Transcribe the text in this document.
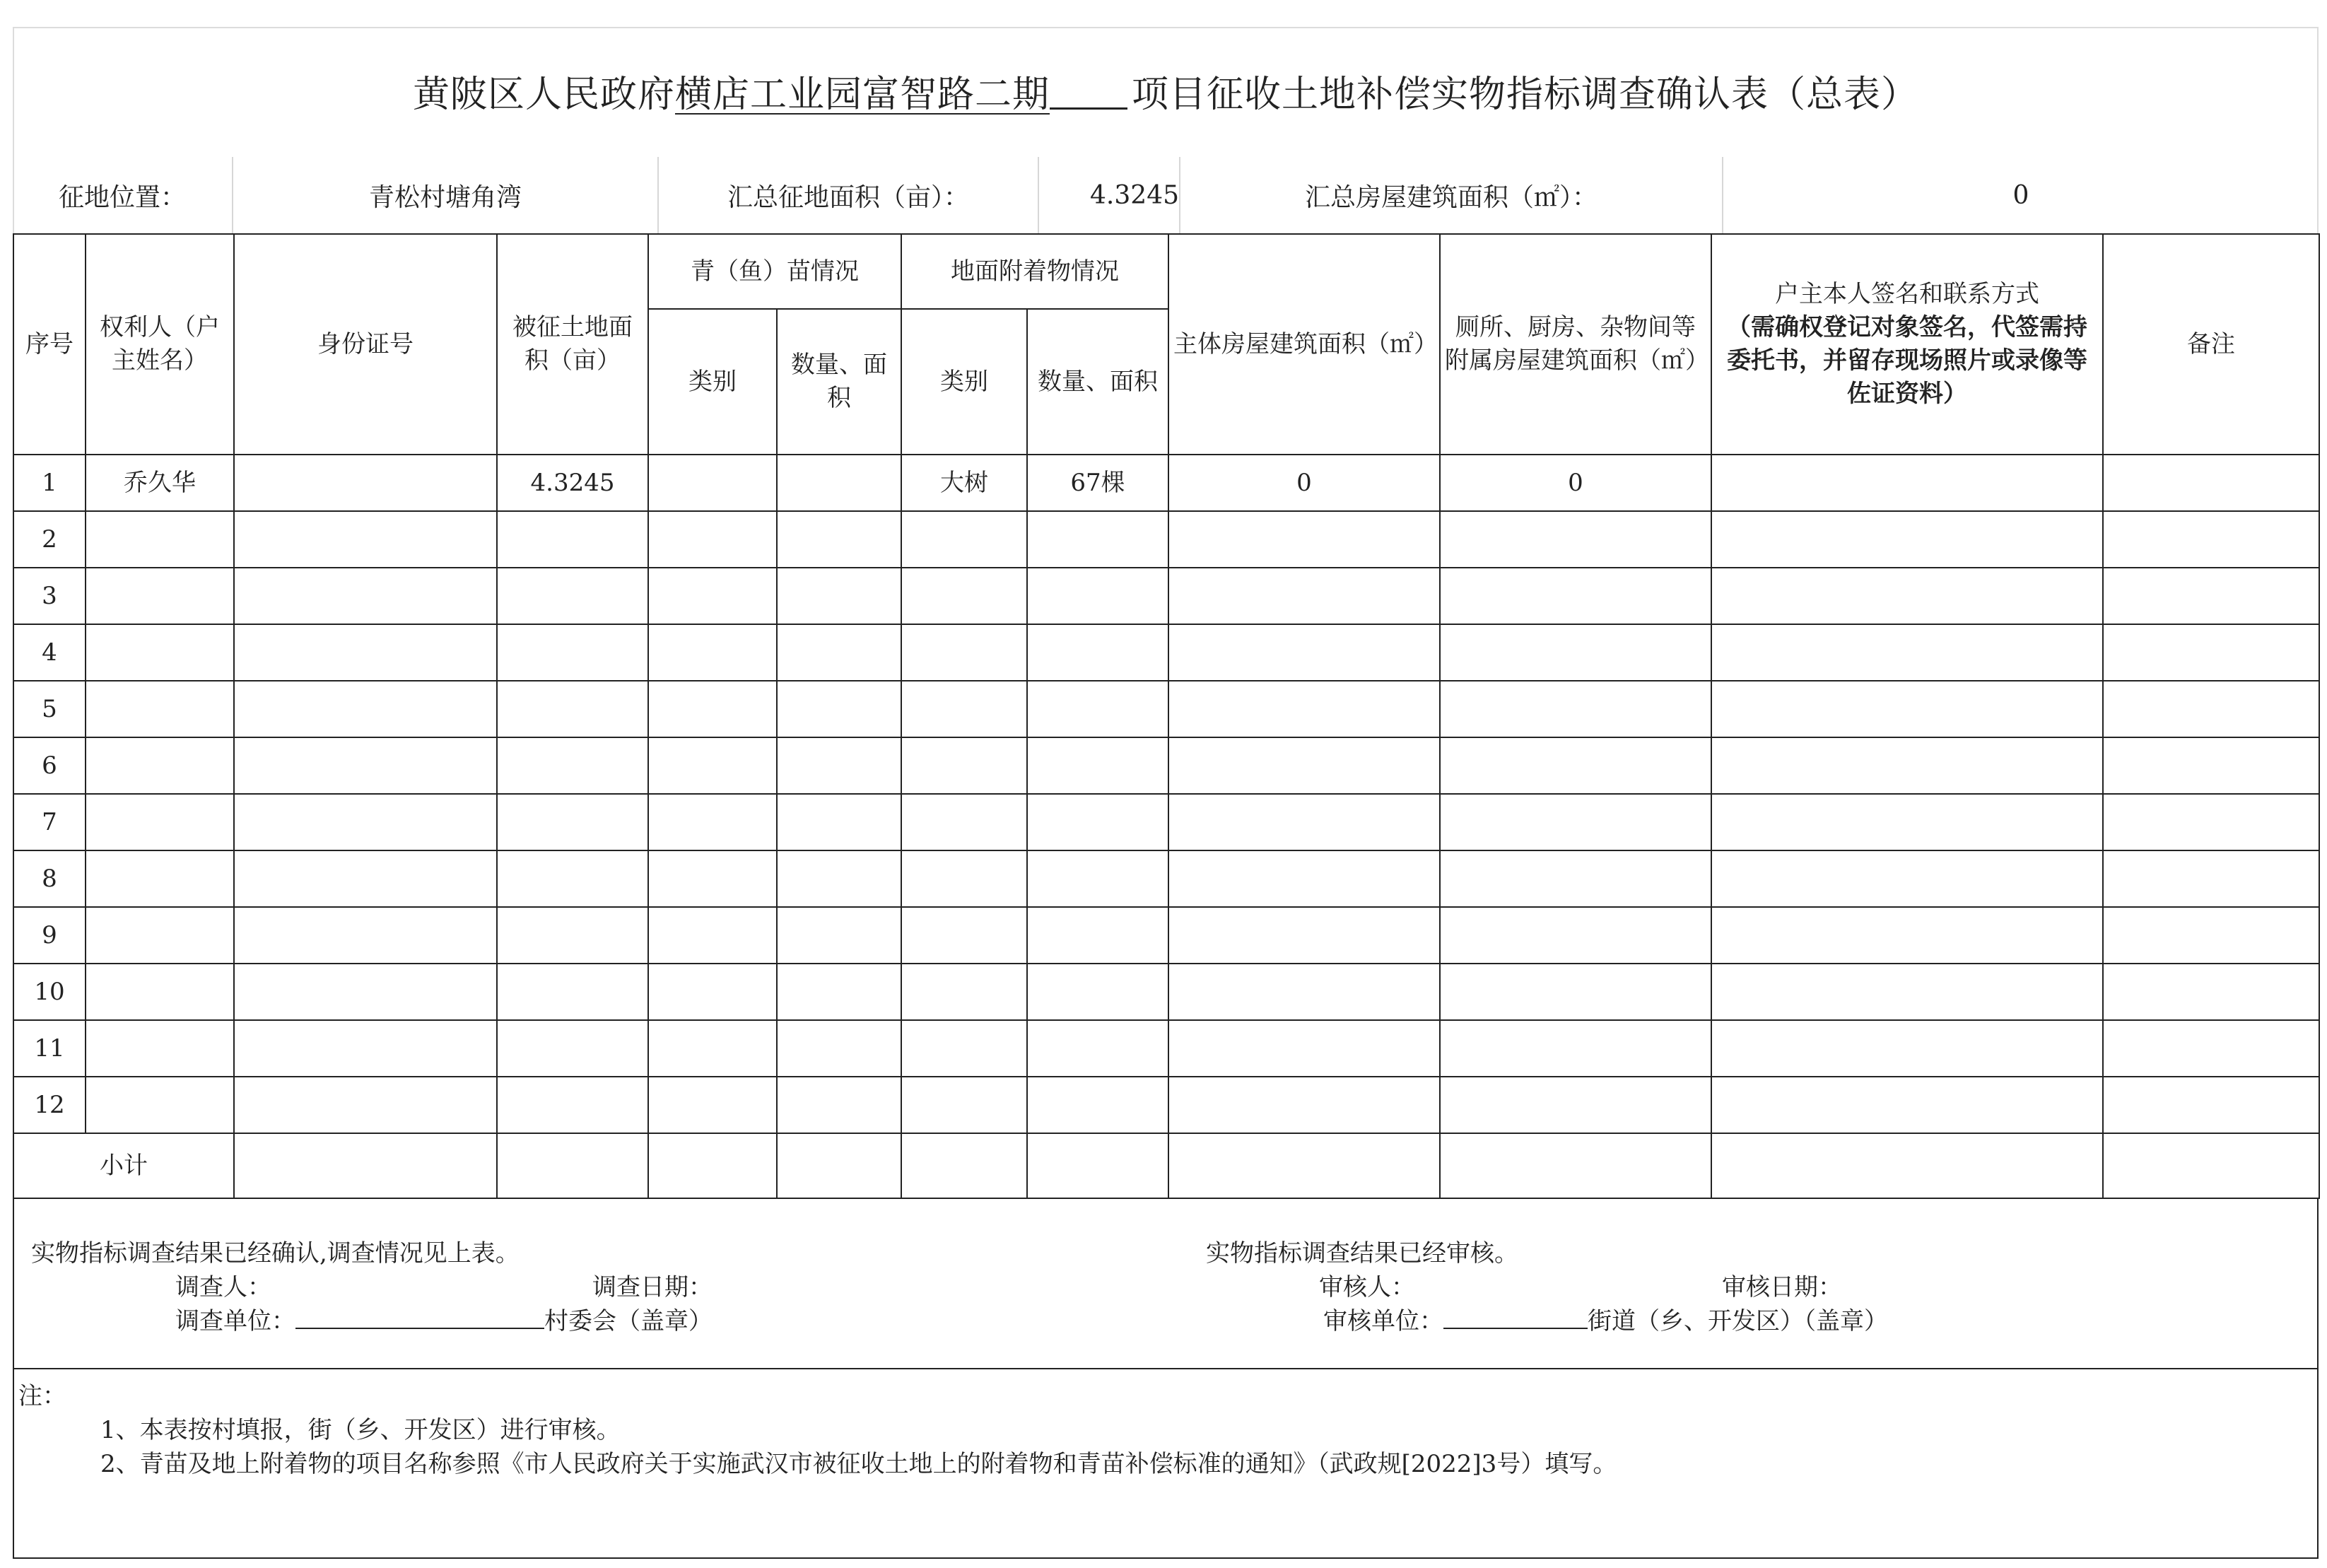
黄陂区人民政府 横店工业园富智路二期 项目征收土地补偿实物指标调查确认表（总表）
征地位置：	青松村塘角湾	汇总征地面积（亩）：	4.3245	汇总房屋建筑面积（㎡）：	0
序号	权利人（户主姓名）	身份证号	被征土地面积（亩）	青（鱼）苗情况		地面附着物情况		主体房屋建筑面积（㎡）	厕所、厨房、杂物间等附属房屋建筑面积（㎡）	户主本人签名和联系方式
（需确权登记对象签名，代签需持委托书，并留存现场照片或录像等佐证资料）	备注
				类别	数量、面积	类别	数量、面积				
1	乔久华		4.3245			大树	67棵	0	0		
2											
3											
4											
5											
6											
7											
8											
9											
10											
11											
12											
小计											
实物指标调查结果已经确认,调查情况见上表。
调查人：	调查日期：
调查单位：	村委会（盖章）
实物指标调查结果已经审核。
审核人：	审核日期：
审核单位：	街道（乡、开发区）（盖章）
注：
1、本表按村填报，街（乡、开发区）进行审核。
2、青苗及地上附着物的项目名称参照《市人民政府关于实施武汉市被征收土地上的附着物和青苗补偿标准的通知》（武政规[2022]3号）填写。
